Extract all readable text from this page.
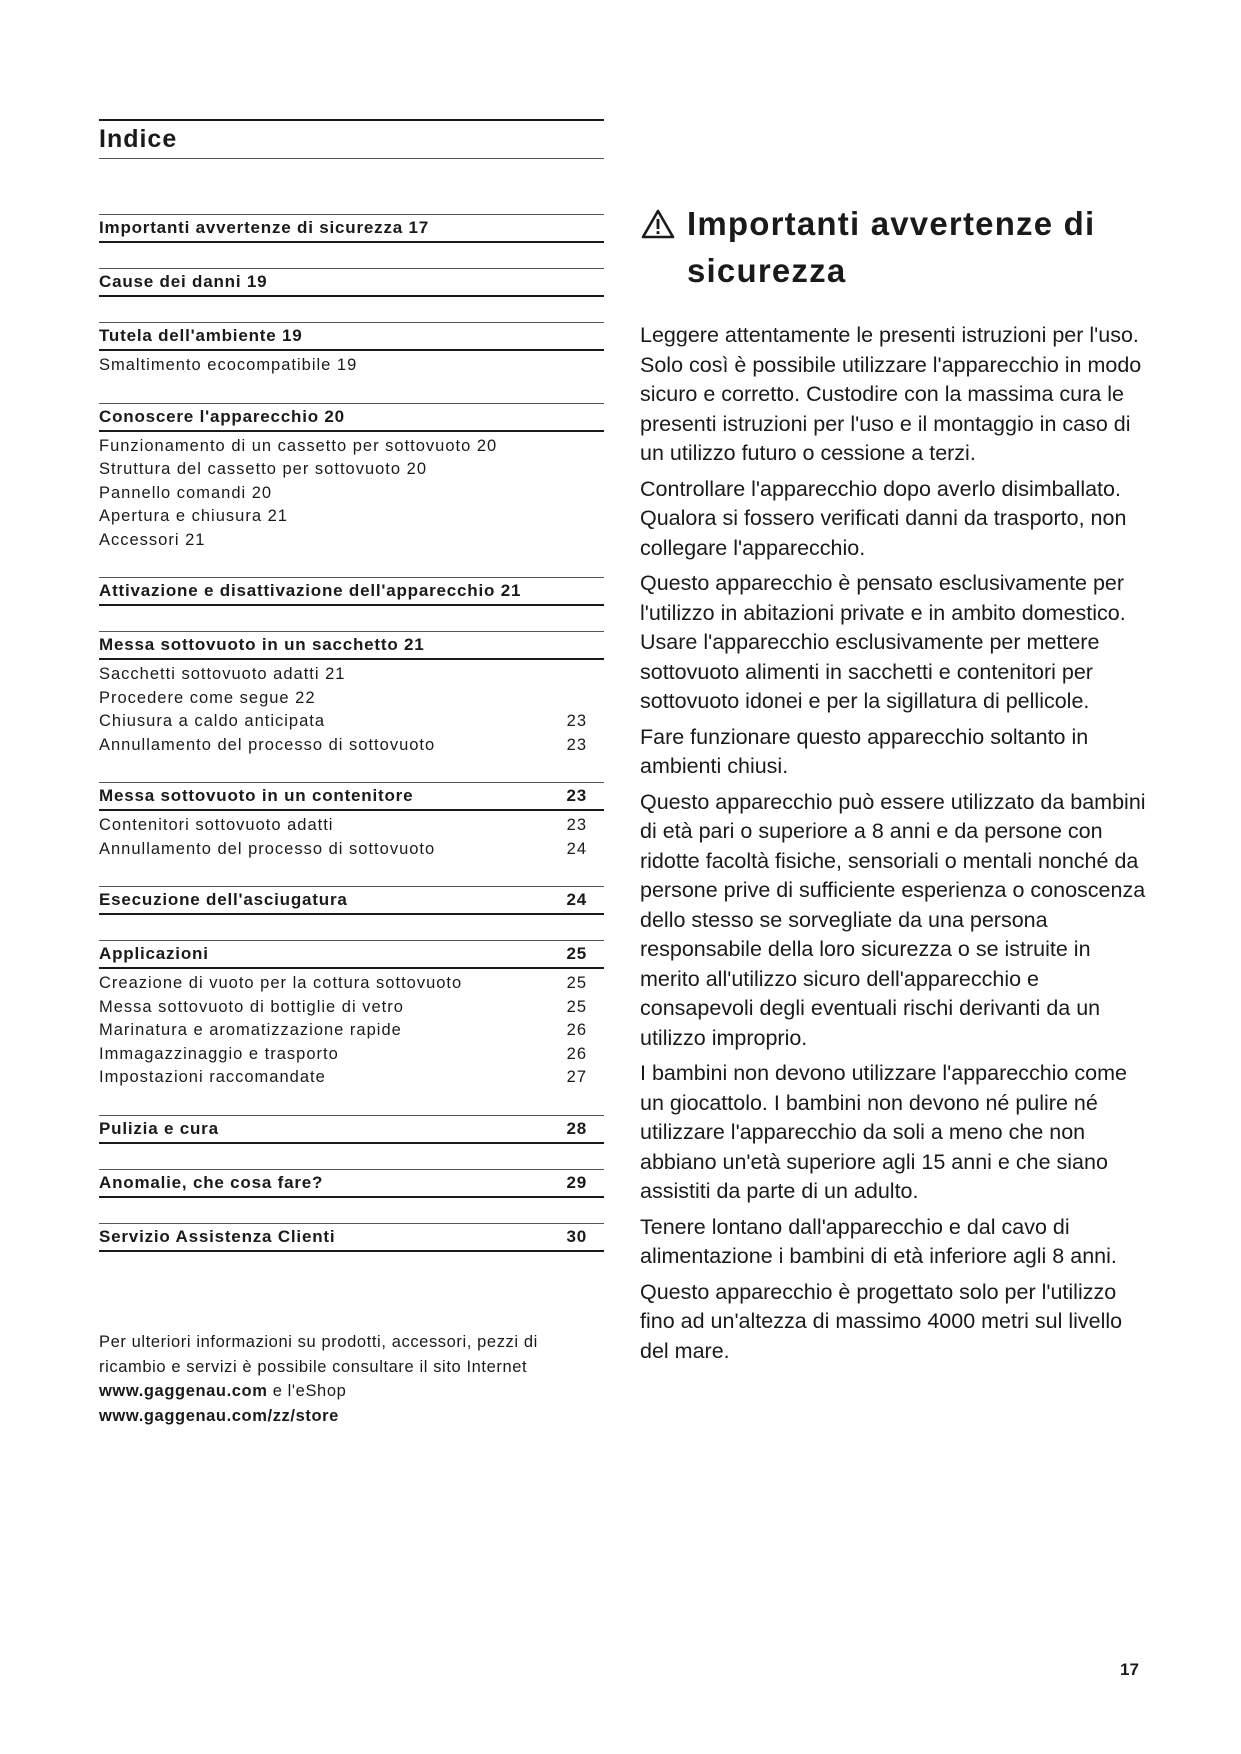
Indice
Importanti avvertenze di sicurezza 17
Cause dei danni 19
Tutela dell'ambiente 19
Smaltimento ecocompatibile 19
Conoscere l'apparecchio 20
Funzionamento di un cassetto per sottovuoto 20
Struttura del cassetto per sottovuoto 20
Pannello comandi 20
Apertura e chiusura 21
Accessori 21
Attivazione e disattivazione dell'apparecchio 21
Messa sottovuoto in un sacchetto 21
Sacchetti sottovuoto adatti 21
Procedere come segue 22
Chiusura a caldo anticipata	23
Annullamento del processo di sottovuoto	23
Messa sottovuoto in un contenitore	23
Contenitori sottovuoto adatti	23
Annullamento del processo di sottovuoto	24
Esecuzione dell'asciugatura	24
Applicazioni	25
Creazione di vuoto per la cottura sottovuoto	25
Messa sottovuoto di bottiglie di vetro	25
Marinatura e aromatizzazione rapide	26
Immagazzinaggio e trasporto	26
Impostazioni raccomandate	27
Pulizia e cura	28
Anomalie, che cosa fare?	29
Servizio Assistenza Clienti	30
Per ulteriori informazioni su prodotti, accessori, pezzi di ricambio e servizi è possibile consultare il sito Internet www.gaggenau.com e l'eShop
www.gaggenau.com/zz/store
Importanti avvertenze di sicurezza

Leggere attentamente le presenti istruzioni per l'uso. Solo così è possibile utilizzare l'apparecchio in modo sicuro e corretto. Custodire con la massima cura le presenti istruzioni per l'uso e il montaggio in caso di un utilizzo futuro o cessione a terzi.

Controllare l'apparecchio dopo averlo disimballato. Qualora si fossero verificati danni da trasporto, non collegare l'apparecchio.

Questo apparecchio è pensato esclusivamente per l'utilizzo in abitazioni private e in ambito domestico. Usare l'apparecchio esclusivamente per mettere sottovuoto alimenti in sacchetti e contenitori per sottovuoto idonei e per la sigillatura di pellicole.

Fare funzionare questo apparecchio soltanto in ambienti chiusi.

Questo apparecchio può essere utilizzato da bambini di età pari o superiore a 8 anni e da persone con ridotte facoltà fisiche, sensoriali o mentali nonché da persone prive di sufficiente esperienza o conoscenza dello stesso se sorvegliate da una persona responsabile della loro sicurezza o se istruite in merito all'utilizzo sicuro dell'apparecchio e consapevoli degli eventuali rischi derivanti da un utilizzo improprio.

I bambini non devono utilizzare l'apparecchio come un giocattolo. I bambini non devono né pulire né utilizzare l'apparecchio da soli a meno che non abbiano un'età superiore agli 15 anni e che siano assistiti da parte di un adulto.

Tenere lontano dall'apparecchio e dal cavo di alimentazione i bambini di età inferiore agli 8 anni.

Questo apparecchio è progettato solo per l'utilizzo fino ad un'altezza di massimo 4000 metri sul livello del mare.

17
